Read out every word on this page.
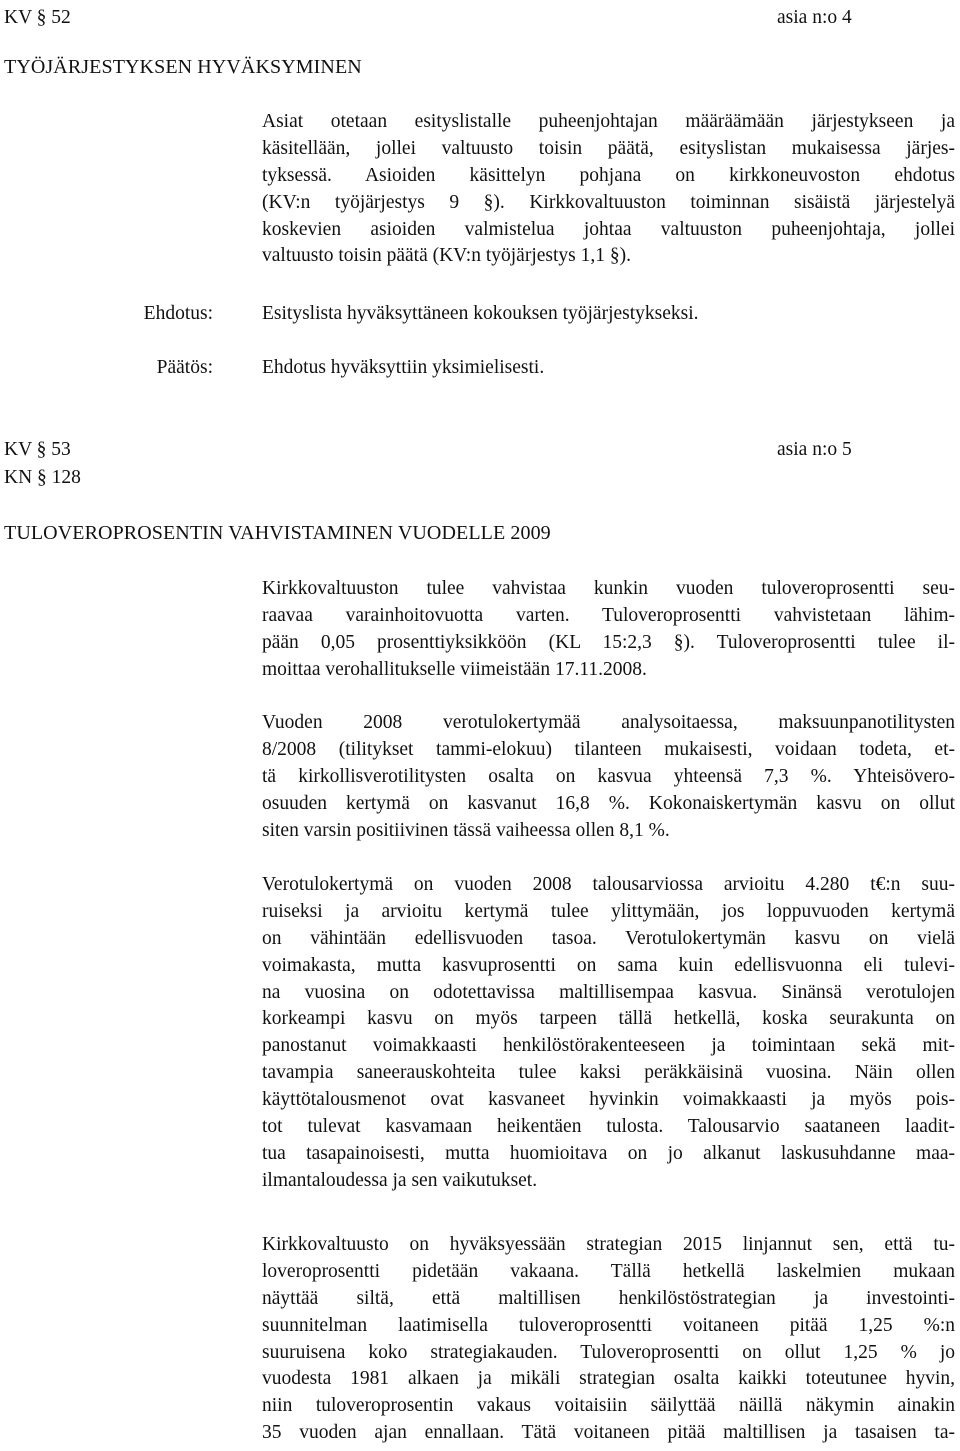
KV § 52	asia n:o 4
TYÖJÄRJESTYKSEN HYVÄKSYMINEN
Asiat otetaan esityslistalle puheenjohtajan määräämään järjestykseen ja
käsitellään, jollei valtuusto toisin päätä, esityslistan mukaisessa järjes-
tyksessä. Asioiden käsittelyn pohjana on kirkkoneuvoston ehdotus
(KV:n työjärjestys 9 §). Kirkkovaltuuston toiminnan sisäistä järjestelyä
koskevien asioiden valmistelua johtaa valtuuston puheenjohtaja, jollei
valtuusto toisin päätä (KV:n työjärjestys 1,1 §).
Ehdotus:	Esityslista hyväksyttäneen kokouksen työjärjestykseksi.
Päätös:	Ehdotus hyväksyttiin yksimielisesti.
KV § 53	asia n:o 5
KN § 128
TULOVEROPROSENTIN VAHVISTAMINEN VUODELLE 2009
Kirkkovaltuuston tulee vahvistaa kunkin vuoden tuloveroprosentti seu-
raavaa varainhoitovuotta varten. Tuloveroprosentti vahvistetaan lähim-
pään 0,05 prosenttiyksikköön (KL 15:2,3 §). Tuloveroprosentti tulee il-
moittaa verohallitukselle viimeistään 17.11.2008.
Vuoden 2008 verotulokertymää analysoitaessa, maksuunpanotilitysten
8/2008 (tilitykset tammi-elokuu) tilanteen mukaisesti, voidaan todeta, et-
tä kirkollisverotilitysten osalta on kasvua yhteensä 7,3 %. Yhteisövero-
osuuden kertymä on kasvanut 16,8 %. Kokonaiskertymän kasvu on ollut
siten varsin positiivinen tässä vaiheessa ollen 8,1 %.
Verotulokertymä on vuoden 2008 talousarviossa arvioitu 4.280 t€:n suu-
ruiseksi ja arvioitu kertymä tulee ylittymään, jos loppuvuoden kertymä
on vähintään edellisvuoden tasoa. Verotulokertymän kasvu on vielä
voimakasta, mutta kasvuprosentti on sama kuin edellisvuonna eli tulevi-
na vuosina on odotettavissa maltillisempaa kasvua. Sinänsä verotulojen
korkeampi kasvu on myös tarpeen tällä hetkellä, koska seurakunta on
panostanut voimakkaasti henkilöstörakenteeseen ja toimintaan sekä mit-
tavampia saneerauskohteita tulee kaksi peräkkäisinä vuosina. Näin ollen
käyttötalousmenot ovat kasvaneet hyvinkin voimakkaasti ja myös pois-
tot tulevat kasvamaan heikentäen tulosta. Talousarvio saataneen laadit-
tua tasapainoisesti, mutta huomioitava on jo alkanut laskusuhdanne maa-
ilmantaloudessa ja sen vaikutukset.
Kirkkovaltuusto on hyväksyessään strategian 2015 linjannut sen, että tu-
loveroprosentti pidetään vakaana. Tällä hetkellä laskelmien mukaan
näyttää siltä, että maltillisen henkilöstöstrategian ja investointi-
suunnitelman laatimisella tuloveroprosentti voitaneen pitää 1,25 %:n
suuruisena koko strategiakauden. Tuloveroprosentti on ollut 1,25 % jo
vuodesta 1981 alkaen ja mikäli strategian osalta kaikki toteutunee hyvin,
niin tuloveroprosentin vakaus voitaisiin säilyttää näillä näkymin ainakin
35 vuoden ajan ennallaan. Tätä voitaneen pitää maltillisen ja tasaisen ta-
